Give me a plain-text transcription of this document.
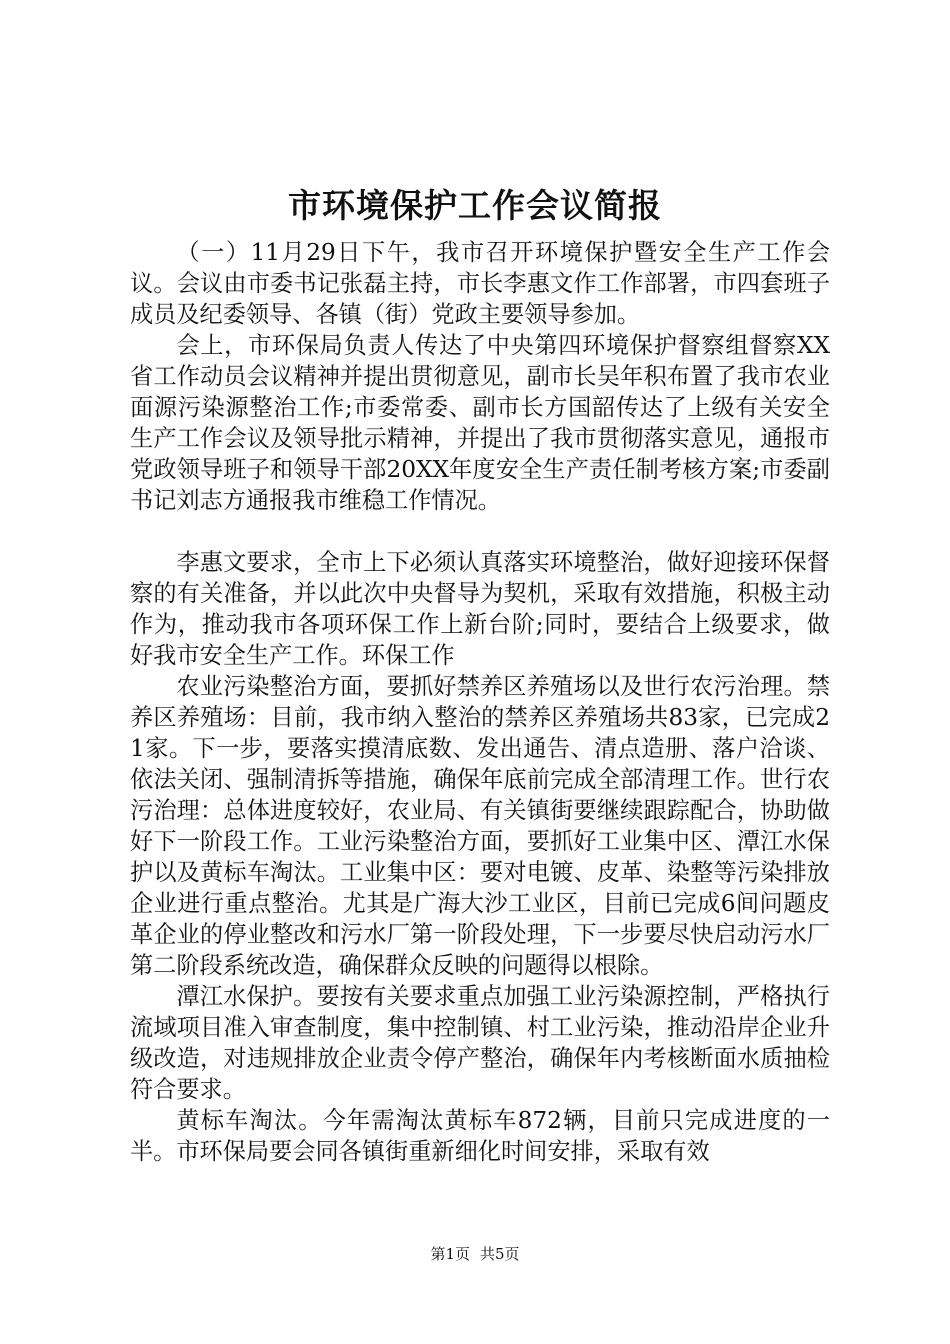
市环境保护工作会议简报

（一）11月29日下午，我市召开环境保护暨安全生产工作会议。会议由市委书记张磊主持，市长李惠文作工作部署，市四套班子成员及纪委领导、各镇（街）党政主要领导参加。

会上，市环保局负责人传达了中央第四环境保护督察组督察XX省工作动员会议精神并提出贯彻意见，副市长吴年积布置了我市农业面源污染源整治工作;市委常委、副市长方国韶传达了上级有关安全生产工作会议及领导批示精神，并提出了我市贯彻落实意见，通报市党政领导班子和领导干部20XX年度安全生产责任制考核方案;市委副书记刘志方通报我市维稳工作情况。

李惠文要求，全市上下必须认真落实环境整治，做好迎接环保督察的有关准备，并以此次中央督导为契机，采取有效措施，积极主动作为，推动我市各项环保工作上新台阶;同时，要结合上级要求，做好我市安全生产工作。环保工作

农业污染整治方面，要抓好禁养区养殖场以及世行农污治理。禁养区养殖场：目前，我市纳入整治的禁养区养殖场共83家，已完成21家。下一步，要落实摸清底数、发出通告、清点造册、落户洽谈、依法关闭、强制清拆等措施，确保年底前完成全部清理工作。世行农污治理：总体进度较好，农业局、有关镇街要继续跟踪配合，协助做好下一阶段工作。工业污染整治方面，要抓好工业集中区、潭江水保护以及黄标车淘汰。工业集中区：要对电镀、皮革、染整等污染排放企业进行重点整治。尤其是广海大沙工业区，目前已完成6间问题皮革企业的停业整改和污水厂第一阶段处理，下一步要尽快启动污水厂第二阶段系统改造，确保群众反映的问题得以根除。

潭江水保护。要按有关要求重点加强工业污染源控制，严格执行流域项目准入审查制度，集中控制镇、村工业污染，推动沿岸企业升级改造，对违规排放企业责令停产整治，确保年内考核断面水质抽检符合要求。

黄标车淘汰。今年需淘汰黄标车872辆，目前只完成进度的一半。市环保局要会同各镇街重新细化时间安排，采取有效

第1页 共5页
